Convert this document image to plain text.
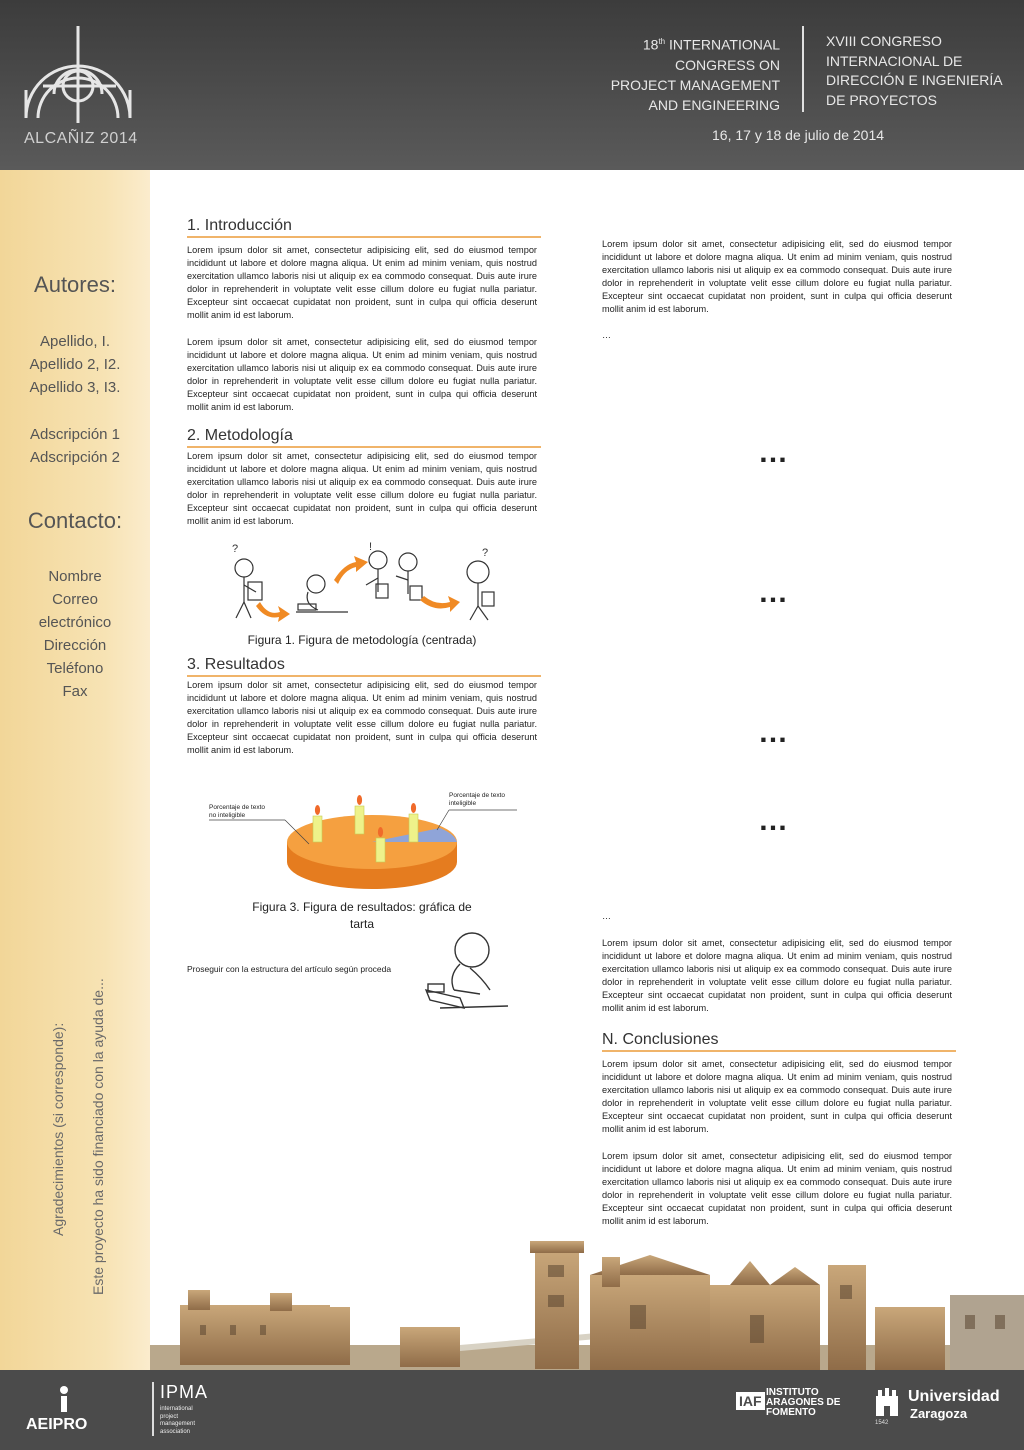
ALCAÑIZ 2014
18th INTERNATIONAL
CONGRESS ON
PROJECT MANAGEMENT
AND ENGINEERING
XVIII CONGRESO
INTERNACIONAL DE
DIRECCIÓN E INGENIERÍA
DE PROYECTOS
16, 17 y 18 de julio de 2014
Autores:
Apellido, I.
Apellido 2, I2.
Apellido 3, I3.
Adscripción 1
Adscripción 2
Contacto:
Nombre
Correo
electrónico
Dirección
Teléfono
Fax
Agradecimientos (si corresponde): Este proyecto ha sido financiado con la ayuda de...
1. Introducción
Lorem ipsum dolor sit amet, consectetur adipisicing elit, sed do eiusmod tempor incididunt ut labore et dolore magna aliqua. Ut enim ad minim veniam, quis nostrud exercitation ullamco laboris nisi ut aliquip ex ea commodo consequat. Duis aute irure dolor in reprehenderit in voluptate velit esse cillum dolore eu fugiat nulla pariatur. Excepteur sint occaecat cupidatat non proident, sunt in culpa qui officia deserunt mollit anim id est laborum.
Lorem ipsum dolor sit amet, consectetur adipisicing elit, sed do eiusmod tempor incididunt ut labore et dolore magna aliqua. Ut enim ad minim veniam, quis nostrud exercitation ullamco laboris nisi ut aliquip ex ea commodo consequat. Duis aute irure dolor in reprehenderit in voluptate velit esse cillum dolore eu fugiat nulla pariatur. Excepteur sint occaecat cupidatat non proident, sunt in culpa qui officia deserunt mollit anim id est laborum.
2. Metodología
Lorem ipsum dolor sit amet, consectetur adipisicing elit, sed do eiusmod tempor incididunt ut labore et dolore magna aliqua. Ut enim ad minim veniam, quis nostrud exercitation ullamco laboris nisi ut aliquip ex ea commodo consequat. Duis aute irure dolor in reprehenderit in voluptate velit esse cillum dolore eu fugiat nulla pariatur. Excepteur sint occaecat cupidatat non proident, sunt in culpa qui officia deserunt mollit anim id est laborum.
?	!	?
Figura 1. Figura de metodología (centrada)
3. Resultados
Lorem ipsum dolor sit amet, consectetur adipisicing elit, sed do eiusmod tempor incididunt ut labore et dolore magna aliqua. Ut enim ad minim veniam, quis nostrud exercitation ullamco laboris nisi ut aliquip ex ea commodo consequat. Duis aute irure dolor in reprehenderit in voluptate velit esse cillum dolore eu fugiat nulla pariatur. Excepteur sint occaecat cupidatat non proident, sunt in culpa qui officia deserunt mollit anim id est laborum.
Porcentaje de texto
no inteligible
Porcentaje de texto
inteligible
Figura 3. Figura de resultados: gráfica de
tarta
Proseguir con la estructura del artículo según proceda
Lorem ipsum dolor sit amet, consectetur adipisicing elit, sed do eiusmod tempor incididunt ut labore et dolore magna aliqua. Ut enim ad minim veniam, quis nostrud exercitation ullamco laboris nisi ut aliquip ex ea commodo consequat. Duis aute irure dolor in reprehenderit in voluptate velit esse cillum dolore eu fugiat nulla pariatur. Excepteur sint occaecat cupidatat non proident, sunt in culpa qui officia deserunt mollit anim id est laborum.
…
…
…
…
…
…
Lorem ipsum dolor sit amet, consectetur adipisicing elit, sed do eiusmod tempor incididunt ut labore et dolore magna aliqua. Ut enim ad minim veniam, quis nostrud exercitation ullamco laboris nisi ut aliquip ex ea commodo consequat. Duis aute irure dolor in reprehenderit in voluptate velit esse cillum dolore eu fugiat nulla pariatur. Excepteur sint occaecat cupidatat non proident, sunt in culpa qui officia deserunt mollit anim id est laborum.
N. Conclusiones
Lorem ipsum dolor sit amet, consectetur adipisicing elit, sed do eiusmod tempor incididunt ut labore et dolore magna aliqua. Ut enim ad minim veniam, quis nostrud exercitation ullamco laboris nisi ut aliquip ex ea commodo consequat. Duis aute irure dolor in reprehenderit in voluptate velit esse cillum dolore eu fugiat nulla pariatur. Excepteur sint occaecat cupidatat non proident, sunt in culpa qui officia deserunt mollit anim id est laborum.
Lorem ipsum dolor sit amet, consectetur adipisicing elit, sed do eiusmod tempor incididunt ut labore et dolore magna aliqua. Ut enim ad minim veniam, quis nostrud exercitation ullamco laboris nisi ut aliquip ex ea commodo consequat. Duis aute irure dolor in reprehenderit in voluptate velit esse cillum dolore eu fugiat nulla pariatur. Excepteur sint occaecat cupidatat non proident, sunt in culpa qui officia deserunt mollit anim id est laborum.
AEIPRO
IPMA
international
project
management
association
IAF
INSTITUTO
ARAGONES DE
FOMENTO
1542
Universidad
Zaragoza
